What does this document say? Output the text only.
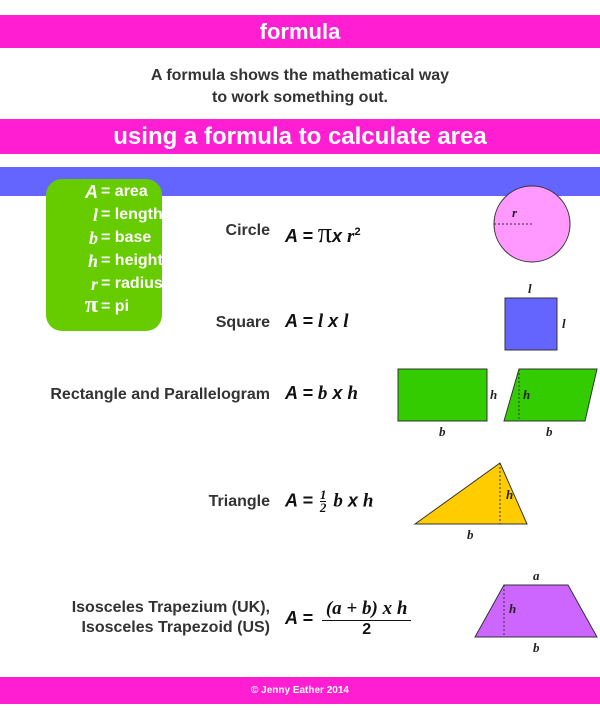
formula
A formula shows the mathematical way
to work something out.
using a formula to calculate area
A = area
l = length
b = base
h = height
r = radius
π = pi
Circle
Square
Rectangle and Parallelogram
Triangle
Isosceles Trapezium (UK),
Isosceles Trapezoid (US)
A = πx $r^2$
A = l x l
A = b x h
$A = \frac{1}{2}$ b x h
A = (a + b) x h
2
r
l
l
h
b
h
b
h
b
a
h
b
© Jenny Eather 2014
